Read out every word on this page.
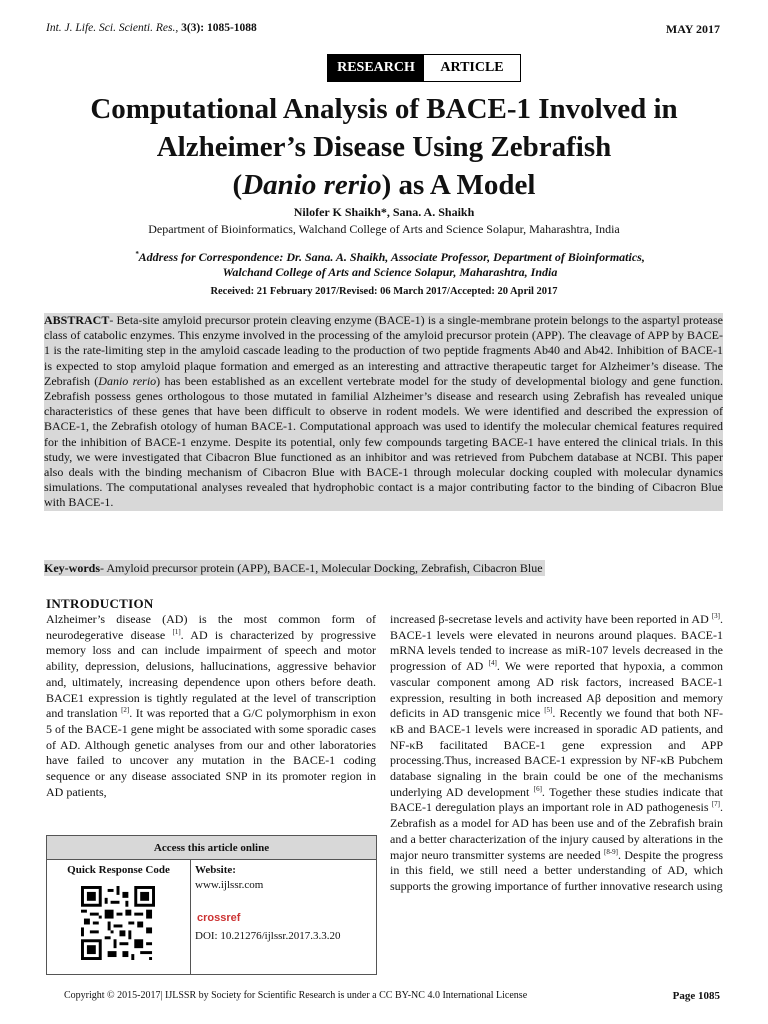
Int. J. Life. Sci. Scienti. Res., 3(3): 1085-1088	MAY 2017
RESEARCH	ARTICLE
Computational Analysis of BACE-1 Involved in
Alzheimer’s Disease Using Zebrafish
(Danio rerio) as A Model
Nilofer K Shaikh*, Sana. A. Shaikh
Department of Bioinformatics, Walchand College of Arts and Science Solapur, Maharashtra, India
*Address for Correspondence: Dr. Sana. A. Shaikh, Associate Professor, Department of Bioinformatics,
Walchand College of Arts and Science Solapur, Maharashtra, India
Received: 21 February 2017/Revised: 06 March 2017/Accepted: 20 April 2017
ABSTRACT- Beta-site amyloid precursor protein cleaving enzyme (BACE-1) is a single-membrane protein belongs to the aspartyl protease class of catabolic enzymes. This enzyme involved in the processing of the amyloid precursor protein (APP). The cleavage of APP by BACE-1 is the rate-limiting step in the amyloid cascade leading to the production of two peptide fragments Ab40 and Ab42. Inhibition of BACE-1 is expected to stop amyloid plaque formation and emerged as an interesting and attractive therapeutic target for Alzheimer’s disease. The Zebrafish (Danio rerio) has been established as an excellent vertebrate model for the study of developmental biology and gene function. Zebrafish possess genes orthologous to those mutated in familial Alzheimer’s disease and research using Zebrafish has revealed unique characteristics of these genes that have been difficult to observe in rodent models. We were identified and described the expression of BACE-1, the Zebrafish otology of human BACE-1. Computational approach was used to identify the molecular chemical features required for the inhibition of BACE-1 enzyme. Despite its potential, only few compounds targeting BACE-1 have entered the clinical trials. In this study, we were investigated that Cibacron Blue functioned as an inhibitor and was retrieved from Pubchem database at NCBI. This paper also deals with the binding mechanism of Cibacron Blue with BACE-1 through molecular docking coupled with molecular dynamics simulations. The computational analyses revealed that hydrophobic contact is a major contributing factor to the binding of Cibacron Blue with BACE-1.
Key-words- Amyloid precursor protein (APP), BACE-1, Molecular Docking, Zebrafish, Cibacron Blue
INTRODUCTION
Alzheimer’s disease (AD) is the most common form of neurodegerative disease [1]. AD is characterized by progressive memory loss and can include impairment of speech and motor ability, depression, delusions, hallucinations, aggressive behavior and, ultimately, increasing dependence upon others before death. BACE1 expression is tightly regulated at the level of transcription and translation [2]. It was reported that a G/C polymorphism in exon 5 of the BACE-1 gene might be associated with some sporadic cases of AD. Although genetic analyses from our and other laboratories have failed to uncover any mutation in the BACE-1 coding sequence or any disease associated SNP in its promoter region in AD patients,
increased β-secretase levels and activity have been reported in AD [3]. BACE-1 levels were elevated in neurons around plaques. BACE-1 mRNA levels tended to increase as miR-107 levels decreased in the progression of AD [4]. We were reported that hypoxia, a common vascular component among AD risk factors, increased BACE-1 expression, resulting in both increased Aβ deposition and memory deficits in AD transgenic mice [5]. Recently we found that both NF-κB and BACE-1 levels were increased in sporadic AD patients, and NF-κB facilitated BACE-1 gene expression and APP processing.Thus, increased BACE-1 expression by NF-κB Pubchem database signaling in the brain could be one of the mechanisms underlying AD development [6]. Together these studies indicate that BACE-1 deregulation plays an important role in AD pathogenesis [7]. Zebrafish as a model for AD has been use and of the Zebrafish brain and a better characterization of the injury caused by alterations in the major neuro transmitter systems are needed [8-9]. Despite the progress in this field, we still need a better understanding of AD, which supports the growing importance of further innovative research using
Access this article online
Quick Response Code	Website:
www.ijlssr.com
crossref
DOI: 10.21276/ijlssr.2017.3.3.20
Copyright © 2015-2017| IJLSSR by Society for Scientific Research is under a CC BY-NC 4.0 International License	Page 1085
